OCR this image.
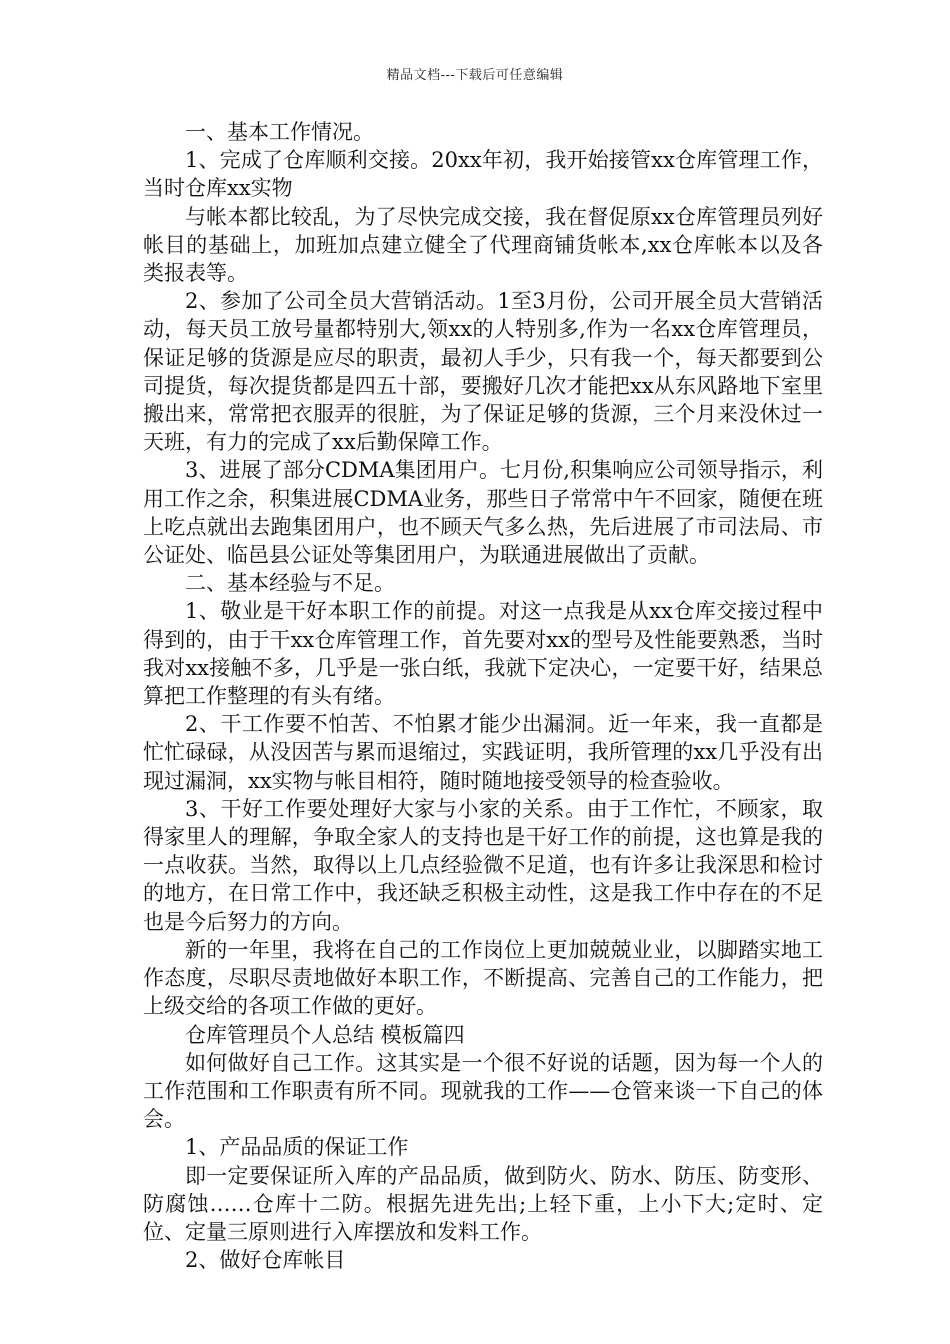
精品文档---下载后可任意编辑

一、基本工作情况。

1、完成了仓库顺利交接。20xx年初，我开始接管xx仓库管理工作，当时仓库xx实物

与帐本都比较乱，为了尽快完成交接，我在督促原xx仓库管理员列好帐目的基础上，加班加点建立健全了代理商铺货帐本,xx仓库帐本以及各类报表等。

2、参加了公司全员大营销活动。1至3月份，公司开展全员大营销活动，每天员工放号量都特别大,领xx的人特别多,作为一名xx仓库管理员，保证足够的货源是应尽的职责，最初人手少，只有我一个，每天都要到公司提货，每次提货都是四五十部，要搬好几次才能把xx从东风路地下室里搬出来，常常把衣服弄的很脏，为了保证足够的货源，三个月来没休过一天班，有力的完成了xx后勤保障工作。

3、进展了部分CDMA集团用户。七月份,积集响应公司领导指示，利用工作之余，积集进展CDMA业务，那些日子常常中午不回家，随便在班上吃点就出去跑集团用户，也不顾天气多么热，先后进展了市司法局、市公证处、临邑县公证处等集团用户，为联通进展做出了贡献。

二、基本经验与不足。

1、敬业是干好本职工作的前提。对这一点我是从xx仓库交接过程中得到的，由于干xx仓库管理工作，首先要对xx的型号及性能要熟悉，当时我对xx接触不多，几乎是一张白纸，我就下定决心，一定要干好，结果总算把工作整理的有头有绪。

2、干工作要不怕苦、不怕累才能少出漏洞。近一年来，我一直都是忙忙碌碌，从没因苦与累而退缩过，实践证明，我所管理的xx几乎没有出现过漏洞，xx实物与帐目相符，随时随地接受领导的检查验收。

3、干好工作要处理好大家与小家的关系。由于工作忙，不顾家，取得家里人的理解，争取全家人的支持也是干好工作的前提，这也算是我的一点收获。当然，取得以上几点经验微不足道，也有许多让我深思和检讨的地方，在日常工作中，我还缺乏积极主动性，这是我工作中存在的不足也是今后努力的方向。

新的一年里，我将在自己的工作岗位上更加兢兢业业，以脚踏实地工作态度，尽职尽责地做好本职工作，不断提高、完善自己的工作能力，把上级交给的各项工作做的更好。

仓库管理员个人总结 模板篇四

如何做好自己工作。这其实是一个很不好说的话题，因为每一个人的工作范围和工作职责有所不同。现就我的工作——仓管来谈一下自己的体会。

1、产品品质的保证工作

即一定要保证所入库的产品品质，做到防火、防水、防压、防变形、防腐蚀……仓库十二防。根据先进先出;上轻下重，上小下大;定时、定位、定量三原则进行入库摆放和发料工作。

2、做好仓库帐目
